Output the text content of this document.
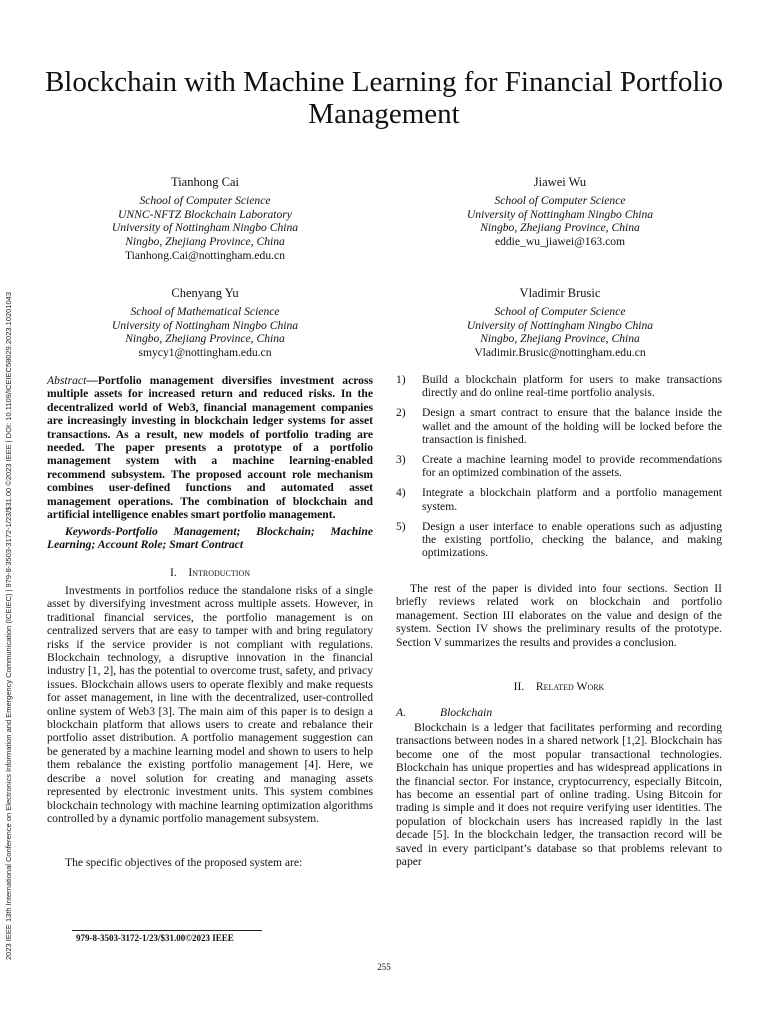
2023 IEEE 13th International Conference on Electronics Information and Emergency Communication (ICEIEC) | 979-8-3503-3172-1/23/$31.00 ©2023 IEEE | DOI: 10.1109/ICEIEC58029.2023.10201043
Blockchain with Machine Learning for Financial Portfolio Management
Tianhong Cai
School of Computer Science
UNNC-NFTZ Blockchain Laboratory
University of Nottingham Ningbo China
Ningbo, Zhejiang Province, China
Tianhong.Cai@nottingham.edu.cn
Jiawei Wu
School of Computer Science
University of Nottingham Ningbo China
Ningbo, Zhejiang Province, China
eddie_wu_jiawei@163.com
Chenyang Yu
School of Mathematical Science
University of Nottingham Ningbo China
Ningbo, Zhejiang Province, China
smycy1@nottingham.edu.cn
Vladimir Brusic
School of Computer Science
University of Nottingham Ningbo China
Ningbo, Zhejiang Province, China
Vladimir.Brusic@nottingham.edu.cn
Abstract—Portfolio management diversifies investment across multiple assets for increased return and reduced risks. In the decentralized world of Web3, financial management companies are increasingly investing in blockchain ledger systems for asset transactions. As a result, new models of portfolio trading are needed. The paper presents a prototype of a portfolio management system with a machine learning-enabled recommend subsystem. The proposed account role mechanism combines user-defined functions and automated asset management operations. The combination of blockchain and artificial intelligence enables smart portfolio management.
Keywords-Portfolio Management; Blockchain; Machine Learning; Account Role; Smart Contract
I. Introduction
Investments in portfolios reduce the standalone risks of a single asset by diversifying investment across multiple assets. However, in traditional financial services, the portfolio management is on centralized servers that are easy to tamper with and bring regulatory risks if the service provider is not compliant with regulations. Blockchain technology, a disruptive innovation in the financial industry [1, 2], has the potential to overcome trust, safety, and privacy issues. Blockchain allows users to operate flexibly and make requests for asset management, in line with the decentralized, user-controlled online system of Web3 [3]. The main aim of this paper is to design a blockchain platform that allows users to create and rebalance their portfolio asset distribution. A portfolio management suggestion can be generated by a machine learning model and shown to users to help them rebalance the existing portfolio management [4]. Here, we describe a novel solution for creating and managing assets represented by electronic investment units. This system combines blockchain technology with machine learning optimization algorithms controlled by a dynamic portfolio management subsystem.
The specific objectives of the proposed system are:
1) Build a blockchain platform for users to make transactions directly and do online real-time portfolio analysis.
2) Design a smart contract to ensure that the balance inside the wallet and the amount of the holding will be locked before the transaction is finished.
3) Create a machine learning model to provide recommendations for an optimized combination of the assets.
4) Integrate a blockchain platform and a portfolio management system.
5) Design a user interface to enable operations such as adjusting the existing portfolio, checking the balance, and making optimizations.
The rest of the paper is divided into four sections. Section II briefly reviews related work on blockchain and portfolio management. Section III elaborates on the value and design of the system. Section IV shows the preliminary results of the prototype. Section V summarizes the results and provides a conclusion.
II. Related Work
A.	Blockchain
Blockchain is a ledger that facilitates performing and recording transactions between nodes in a shared network [1,2]. Blockchain has become one of the most popular transactional technologies. Blockchain has unique properties and has widespread applications in the financial sector. For instance, cryptocurrency, especially Bitcoin, has become an essential part of online trading. Using Bitcoin for trading is simple and it does not require verifying user identities. The population of blockchain users has increased rapidly in the last decade [5]. In the blockchain ledger, the transaction record will be saved in every participant’s database so that problems relevant to paper
979-8-3503-3172-1/23/$31.00©2023 IEEE
255
